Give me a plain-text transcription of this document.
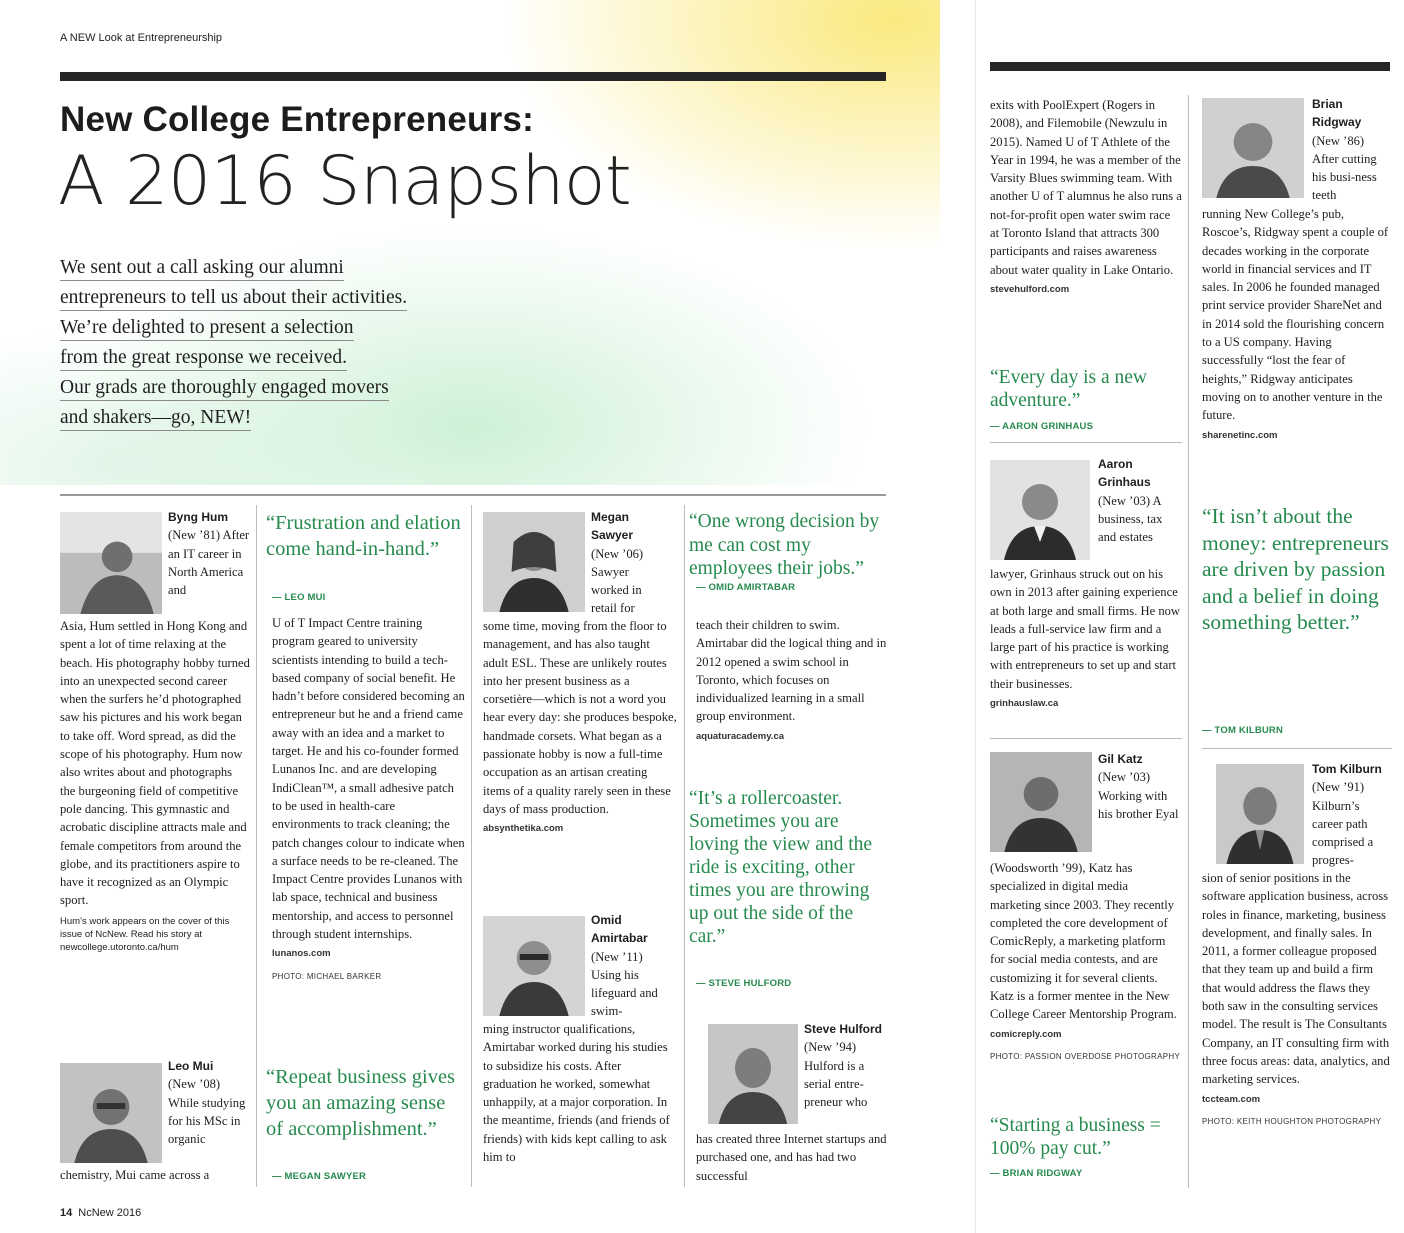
A NEW Look at Entrepreneurship
New College Entrepreneurs:
A 2016 Snapshot
We sent out a call asking our alumni
entrepreneurs to tell us about their activities.
We’re delighted to present a selection
from the great response we received.
Our grads are thoroughly engaged movers
and shakers—go, NEW!
Byng Hum
(New ’81) After an IT career in North America and

Asia, Hum settled in Hong Kong and spent a lot of time relaxing at the beach. His photography hobby turned into an unexpected second career when the surfers he’d photographed saw his pictures and his work began to take off. Word spread, as did the scope of his photography. Hum now also writes about and photographs the burgeoning field of competitive pole dancing. This gymnastic and acrobatic discipline attracts male and female competitors from around the globe, and its practitioners aspire to have it recognized as an Olympic sport.

Hum’s work appears on the cover of this issue of NcNew. Read his story at newcollege.utoronto.ca/hum

Leo Mui
(New ’08) While studying for his MSc in organic

chemistry, Mui came across a

“Frustration and elation come hand-in-hand.”
— LEO MUI

U of T Impact Centre training program geared to university scientists intending to build a tech-based company of social benefit. He hadn’t before considered becoming an entrepreneur but he and a friend came away with an idea and a market to target. He and his co-founder formed Lunanos Inc. and are developing IndiClean™, a small adhesive patch to be used in health-care environments to track cleaning; the patch changes colour to indicate when a surface needs to be re-cleaned. The Impact Centre provides Lunanos with lab space, technical and business mentorship, and access to personnel through student internships.

lunanos.com

PHOTO: MICHAEL BARKER

“Repeat business gives you an amazing sense of accomplishment.”
— MEGAN SAWYER
Megan Sawyer
(New ’06) Sawyer worked in retail for

some time, moving from the floor to management, and has also taught adult ESL. These are unlikely routes into her present business as a corsetière—which is not a word you hear every day: she produces bespoke, handmade corsets. What began as a passionate hobby is now a full-time occupation as an artisan creating items of a quality rarely seen in these days of mass production.

absynthetika.com

Omid Amirtabar
(New ’11) Using his lifeguard and swim-

ming instructor qualifications, Amirtabar worked during his studies to subsidize his costs. After graduation he worked, somewhat unhappily, at a major corporation. In the meantime, friends (and friends of friends) with kids kept calling to ask him to

“One wrong decision by me can cost my employees their jobs.”
— OMID AMIRTABAR

teach their children to swim. Amirtabar did the logical thing and in 2012 opened a swim school in Toronto, which focuses on individualized learning in a small group environment.

aquaturacademy.ca

“It’s a rollercoaster. Sometimes you are loving the view and the ride is exciting, other times you are throwing up out the side of the car.”
— STEVE HULFORD
Steve Hulford
(New ’94) Hulford is a serial entre-preneur who

has created three Internet startups and purchased one, and has had two successful

14 NcNew 2016

exits with PoolExpert (Rogers in 2008), and Filemobile (Newzulu in 2015). Named U of T Athlete of the Year in 1994, he was a member of the Varsity Blues swimming team. With another U of T alumnus he also runs a not-for-profit open water swim race at Toronto Island that attracts 300 participants and raises awareness about water quality in Lake Ontario.

stevehulford.com

“Every day is a new adventure.”
— AARON GRINHAUS
Aaron Grinhaus
(New ’03) A business, tax and estates

lawyer, Grinhaus struck out on his own in 2013 after gaining experience at both large and small firms. He now leads a full-service law firm and a large part of his practice is working with entrepreneurs to set up and start their businesses.

grinhauslaw.ca

Gil Katz
(New ’03) Working with his brother Eyal

(Woodsworth ’99), Katz has specialized in digital media marketing since 2003. They recently completed the core development of ComicReply, a marketing platform for social media contests, and are customizing it for several clients. Katz is a former mentee in the New College Career Mentorship Program.

comicreply.com

PHOTO: PASSION OVERDOSE PHOTOGRAPHY

“Starting a business = 100% pay cut.”
— BRIAN RIDGWAY
Brian Ridgway
(New ’86) After cutting his busi-ness teeth

running New College’s pub, Roscoe’s, Ridgway spent a couple of decades working in the corporate world in financial services and IT sales. In 2006 he founded managed print service provider ShareNet and in 2014 sold the flourishing concern to a US company. Having successfully “lost the fear of heights,” Ridgway anticipates moving on to another venture in the future.

sharenetinc.com

“It isn’t about the money: entrepreneurs are driven by passion and a belief in doing something better.”
— TOM KILBURN
Tom Kilburn
(New ’91) Kilburn’s career path comprised a progres-

sion of senior positions in the software application business, across roles in finance, marketing, business development, and finally sales. In 2011, a former colleague proposed that they team up and build a firm that would address the flaws they both saw in the consulting services model. The result is The Consultants Company, an IT consulting firm with three focus areas: data, analytics, and marketing services.

tccteam.com

PHOTO: KEITH HOUGHTON PHOTOGRAPHY
